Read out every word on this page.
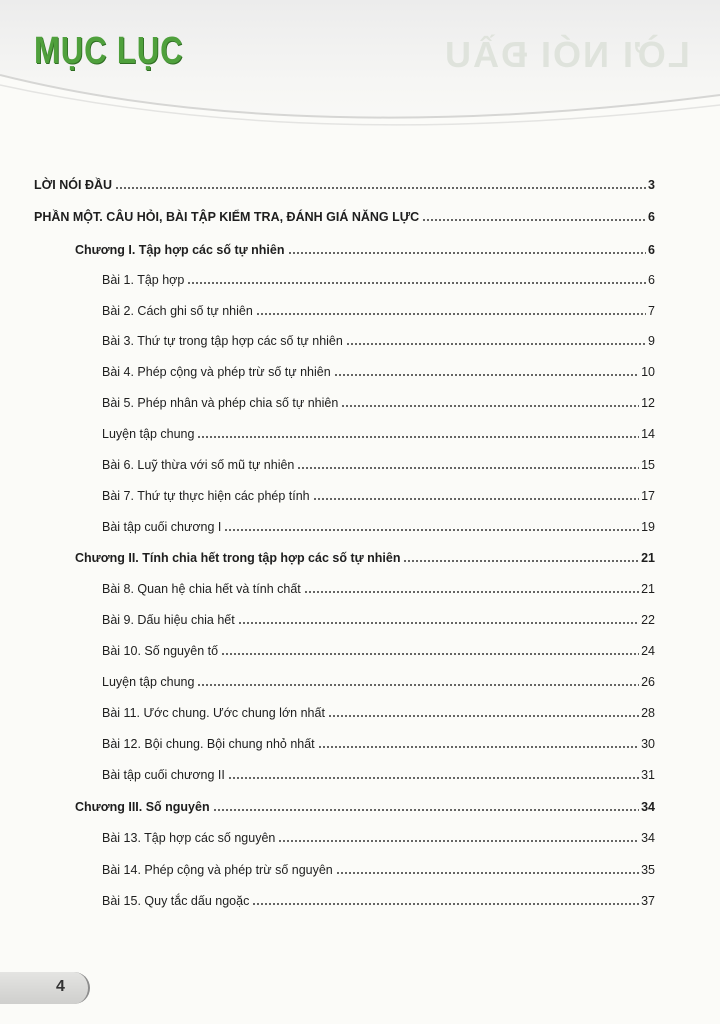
LỜI NÓI ĐẦU
MỤC LỤC
LỜI NÓI ĐẦU	3
PHẦN MỘT. CÂU HỎI, BÀI TẬP KIỂM TRA, ĐÁNH GIÁ NĂNG LỰC	6
Chương I. Tập hợp các số tự nhiên	6
Bài 1. Tập hợp	6
Bài 2. Cách ghi số tự nhiên	7
Bài 3. Thứ tự trong tập hợp các số tự nhiên	9
Bài 4. Phép cộng và phép trừ số tự nhiên	10
Bài 5. Phép nhân và phép chia số tự nhiên	12
Luyện tập chung	14
Bài 6. Luỹ thừa với số mũ tự nhiên	15
Bài 7. Thứ tự thực hiện các phép tính	17
Bài tập cuối chương I	19
Chương II. Tính chia hết trong tập hợp các số tự nhiên	21
Bài 8. Quan hệ chia hết và tính chất	21
Bài 9. Dấu hiệu chia hết	22
Bài 10. Số nguyên tố	24
Luyện tập chung	26
Bài 11. Ước chung. Ước chung lớn nhất	28
Bài 12. Bội chung. Bội chung nhỏ nhất	30
Bài tập cuối chương II	31
Chương III. Số nguyên	34
Bài 13. Tập hợp các số nguyên	34
Bài 14. Phép cộng và phép trừ số nguyên	35
Bài 15. Quy tắc dấu ngoặc	37
4
